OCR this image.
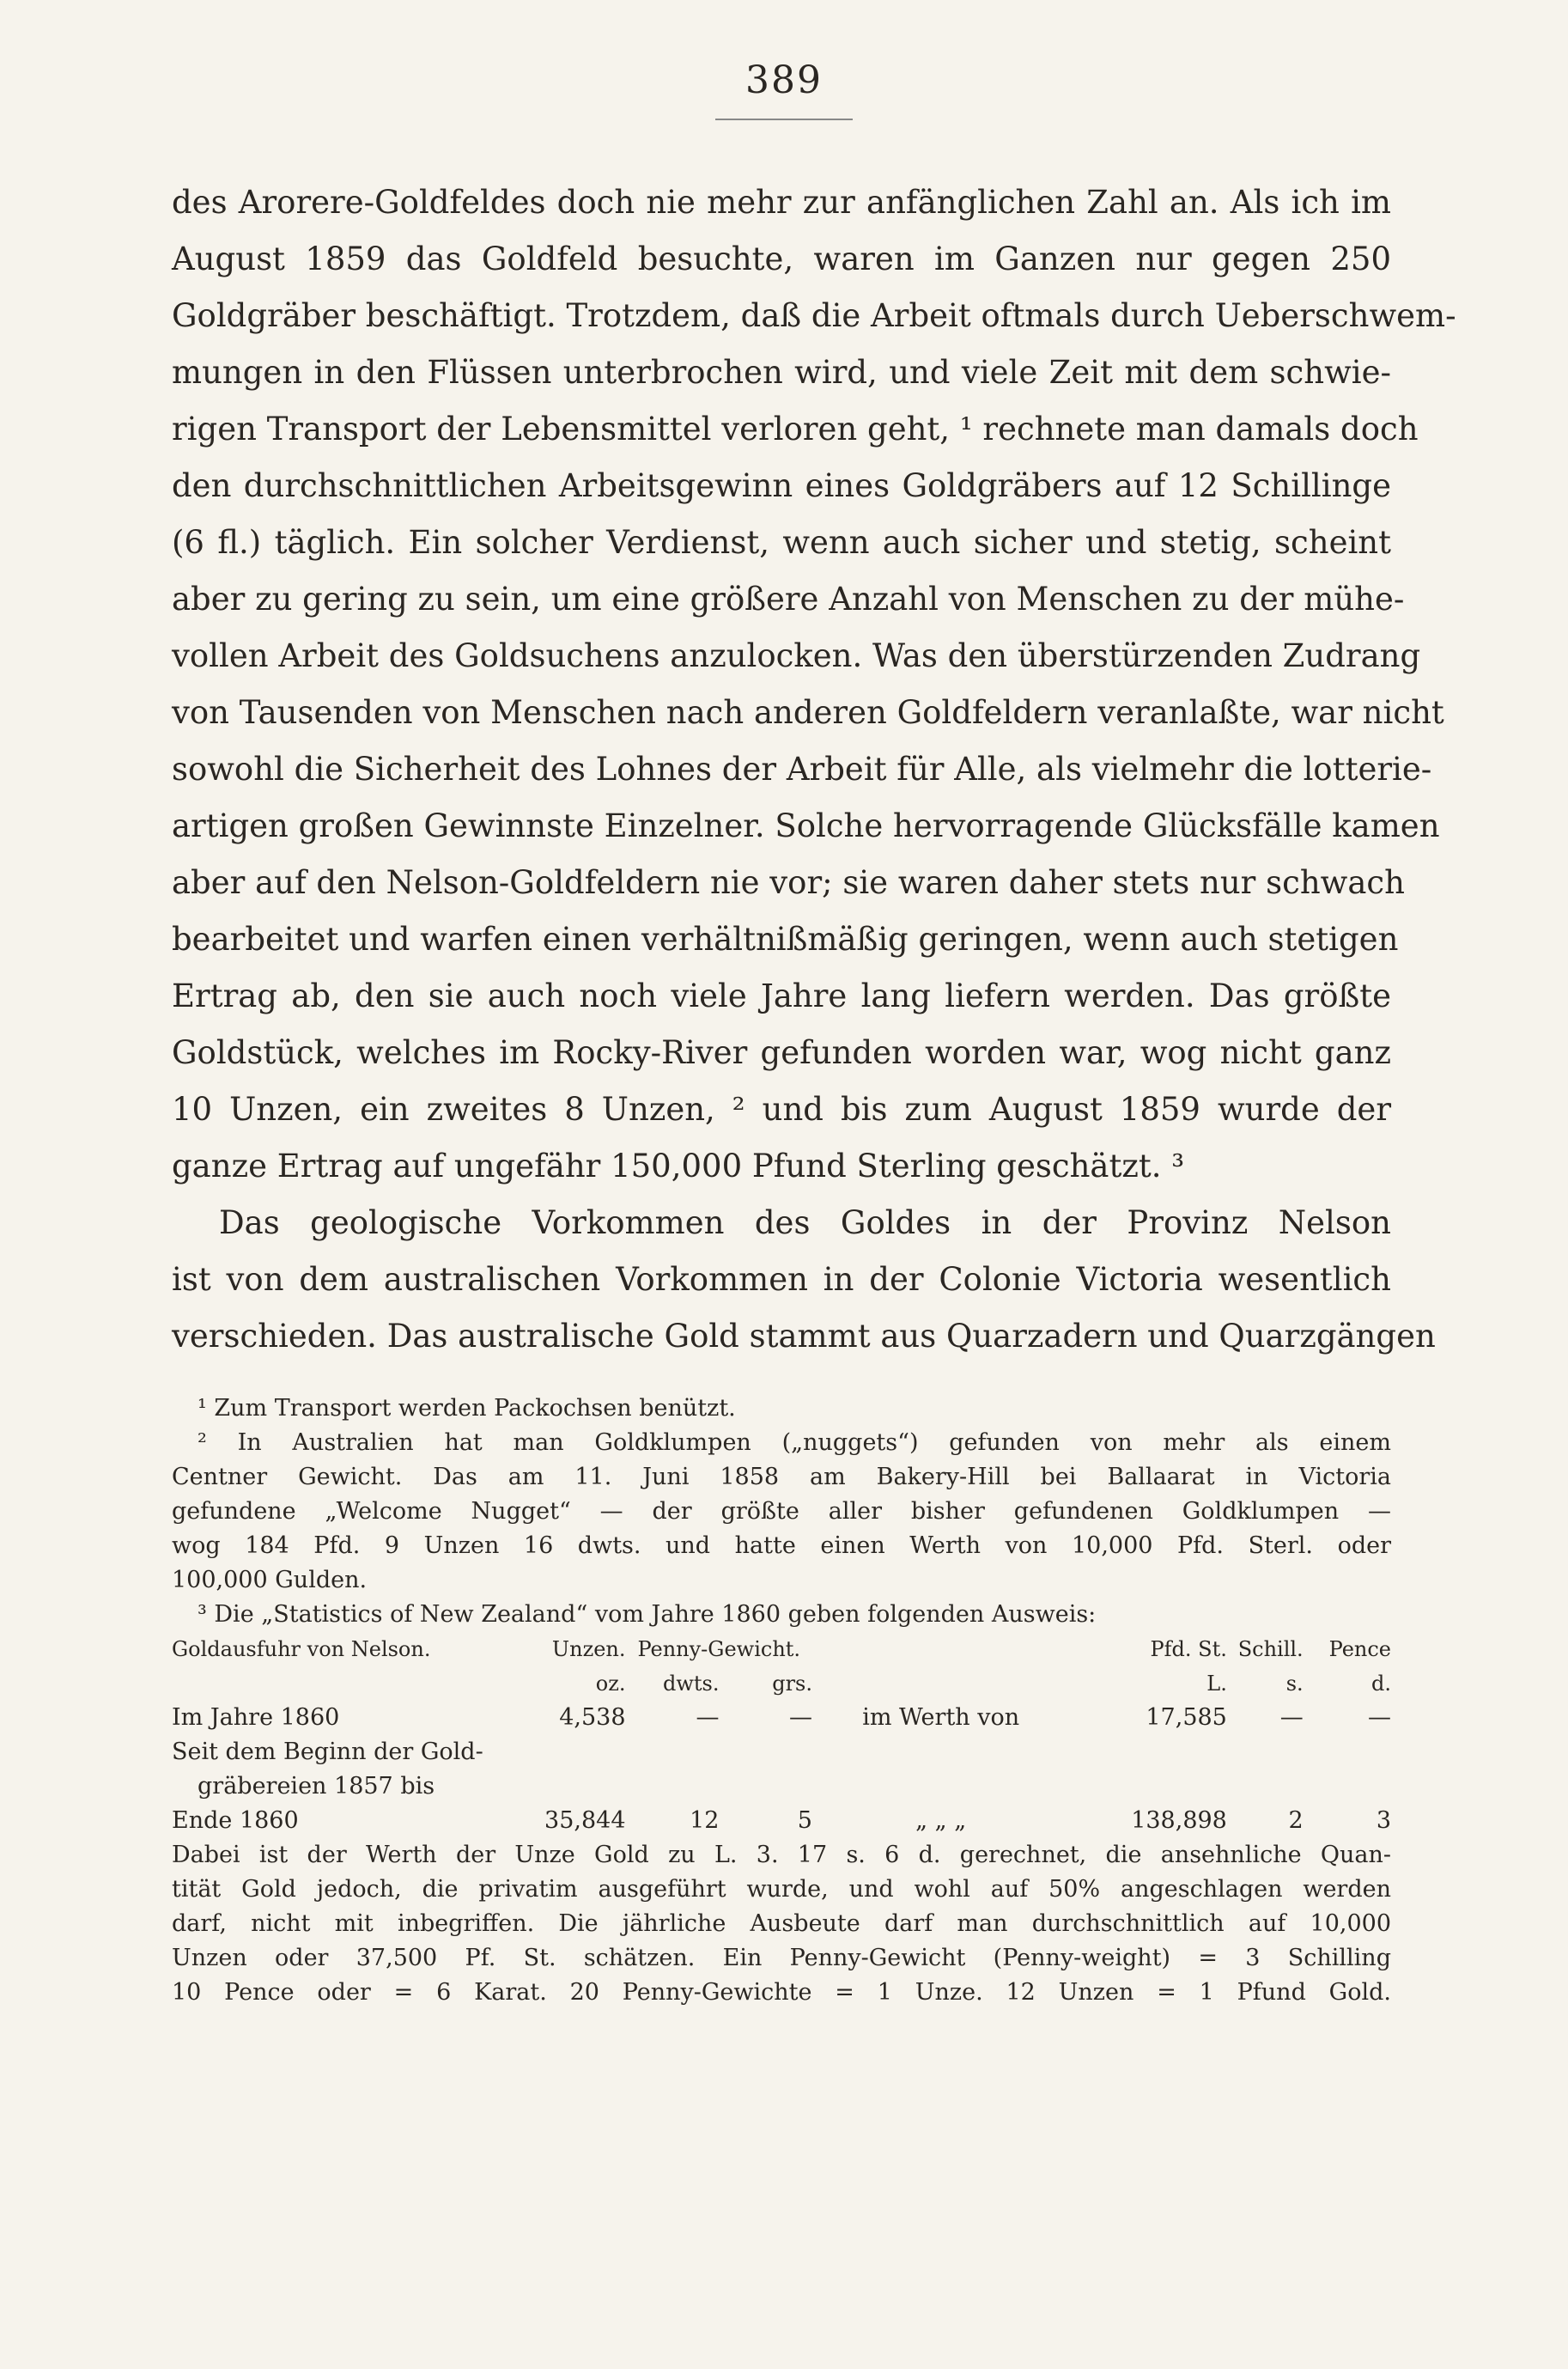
389
des Arorere-Goldfeldes doch nie mehr zur anfänglichen Zahl an. Als ich im
August 1859 das Goldfeld besuchte, waren im Ganzen nur gegen 250
Goldgräber beschäftigt. Trotzdem, daß die Arbeit oftmals durch Ueberschwem-
mungen in den Flüssen unterbrochen wird, und viele Zeit mit dem schwie-
rigen Transport der Lebensmittel verloren geht, ¹ rechnete man damals doch
den durchschnittlichen Arbeitsgewinn eines Goldgräbers auf 12 Schillinge
(6 fl.) täglich. Ein solcher Verdienst, wenn auch sicher und stetig, scheint
aber zu gering zu sein, um eine größere Anzahl von Menschen zu der mühe-
vollen Arbeit des Goldsuchens anzulocken. Was den überstürzenden Zudrang
von Tausenden von Menschen nach anderen Goldfeldern veranlaßte, war nicht
sowohl die Sicherheit des Lohnes der Arbeit für Alle, als vielmehr die lotterie-
artigen großen Gewinnste Einzelner. Solche hervorragende Glücksfälle kamen
aber auf den Nelson-Goldfeldern nie vor; sie waren daher stets nur schwach
bearbeitet und warfen einen verhältnißmäßig geringen, wenn auch stetigen
Ertrag ab, den sie auch noch viele Jahre lang liefern werden. Das größte
Goldstück, welches im Rocky-River gefunden worden war, wog nicht ganz
10 Unzen, ein zweites 8 Unzen, ² und bis zum August 1859 wurde der
ganze Ertrag auf ungefähr 150,000 Pfund Sterling geschätzt. ³
Das geologische Vorkommen des Goldes in der Provinz Nelson
ist von dem australischen Vorkommen in der Colonie Victoria wesentlich
verschieden. Das australische Gold stammt aus Quarzadern und Quarzgängen
¹ Zum Transport werden Packochsen benützt.
² In Australien hat man Goldklumpen („nuggets“) gefunden von mehr als einem
Centner Gewicht. Das am 11. Juni 1858 am Bakery-Hill bei Ballaarat in Victoria
gefundene „Welcome Nugget“ — der größte aller bisher gefundenen Goldklumpen —
wog 184 Pfd. 9 Unzen 16 dwts. und hatte einen Werth von 10,000 Pfd. Sterl. oder
100,000 Gulden.
³ Die „Statistics of New Zealand“ vom Jahre 1860 geben folgenden Ausweis:
Goldausfuhr von Nelson.	Unzen.	Penny-Gewicht.			Pfd. St.	Schill.	Pence
	oz.	dwts.	grs.		L.	s.	d.
Im Jahre 1860	4,538	—	—	im Werth von	17,585	—	—
Seit dem Beginn der Gold-							
gräbereien 1857 bis							
Ende 1860	35,844	12	5	„ „ „	138,898	2	3
Dabei ist der Werth der Unze Gold zu L. 3. 17 s. 6 d. gerechnet, die ansehnliche Quan-
tität Gold jedoch, die privatim ausgeführt wurde, und wohl auf 50% angeschlagen werden
darf, nicht mit inbegriffen. Die jährliche Ausbeute darf man durchschnittlich auf 10,000
Unzen oder 37,500 Pf. St. schätzen. Ein Penny-Gewicht (Penny-weight) = 3 Schilling
10 Pence oder = 6 Karat. 20 Penny-Gewichte = 1 Unze. 12 Unzen = 1 Pfund Gold.
